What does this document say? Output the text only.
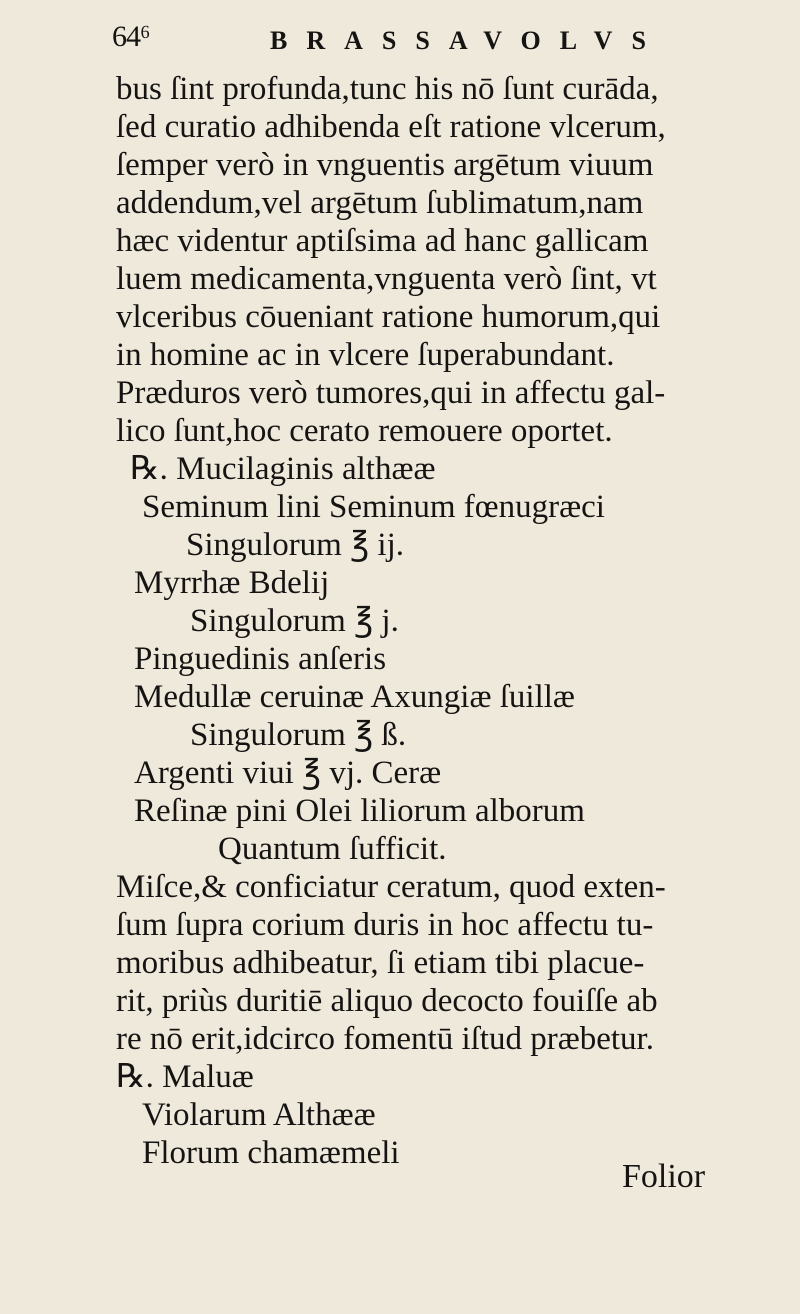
64⁶	BRASSAVOLVS
bus ſint profunda,tunc his nō ſunt curāda,
ſed curatio adhibenda eſt ratione vlcerum,
ſemper verò in vnguentis argētum viuum
addendum,vel argētum ſublimatum,nam
hæc videntur aptiſsima ad hanc gallicam
luem medicamenta,vnguenta verò ſint, vt
vlceribus cōueniant ratione humorum,qui
in homine ac in vlcere ſuperabundant.
Præduros verò tumores,qui in affectu gal-
lico ſunt,hoc cerato remouere oportet.
℞. Mucilaginis althææ
Seminum lini Seminum fœnugræci
Singulorum ℥ ij.
Myrrhæ Bdelij
Singulorum ℥ j.
Pinguedinis anſeris
Medullæ ceruinæ Axungiæ ſuillæ
Singulorum ℥ ß.
Argenti viui ℥ vj. Ceræ
Reſinæ pini Olei liliorum alborum
Quantum ſufficit.
Miſce,& conficiatur ceratum, quod exten-
ſum ſupra corium duris in hoc affectu tu-
moribus adhibeatur, ſi etiam tibi placue-
rit, priùs duritiē aliquo decocto fouiſſe ab
re nō erit,idcirco fomentū iſtud præbetur.
℞. Maluæ
Violarum Althææ
Florum chamæmeli
Folior
